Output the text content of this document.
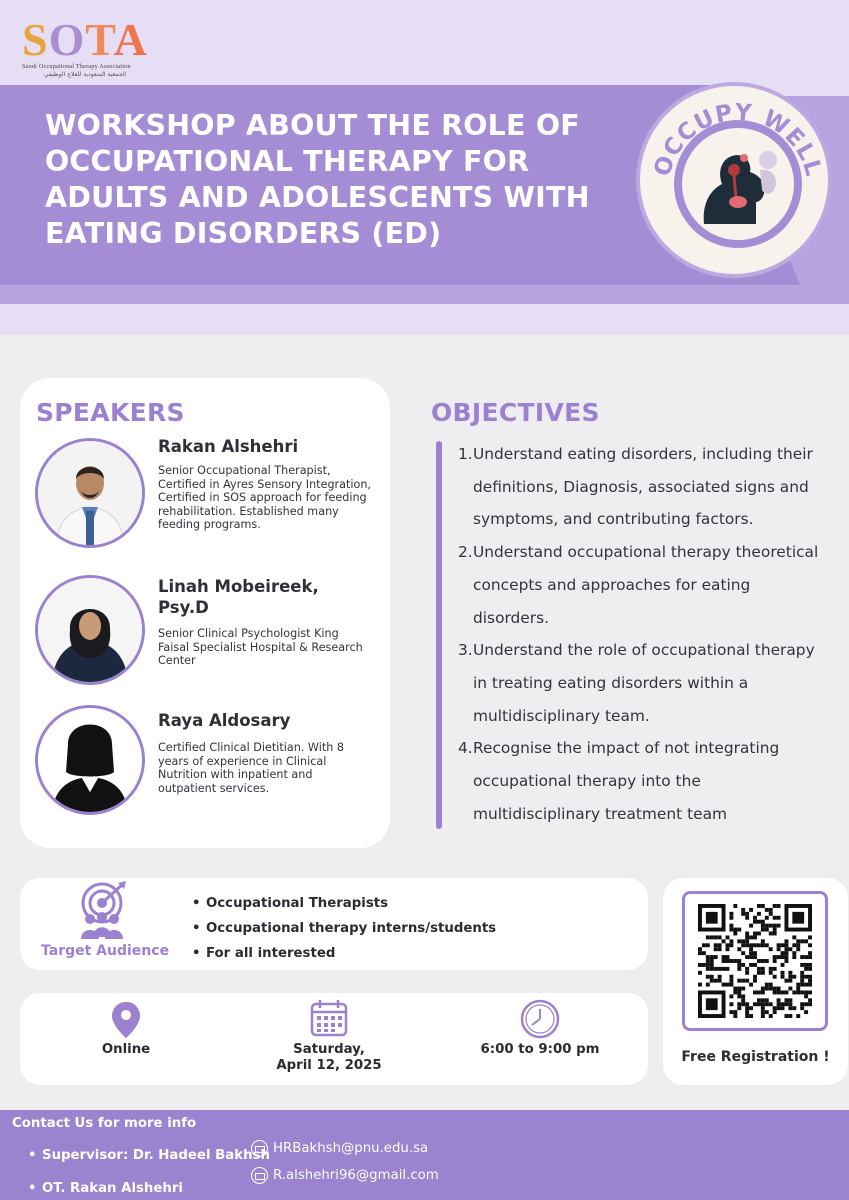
SOTA
Saudi Occupational Therapy Association
الجمعية السعودية للعلاج الوظيفي
WORKSHOP ABOUT THE ROLE OF OCCUPATIONAL THERAPY FOR ADULTS AND ADOLESCENTS WITH EATING DISORDERS (ED)
OCCUPY WELL
SPEAKERS
Rakan Alshehri
Senior Occupational Therapist, Certified in Ayres Sensory Integration, Certified in SOS approach for feeding rehabilitation. Established many feeding programs.
Linah Mobeireek, Psy.D
Senior Clinical Psychologist King Faisal Specialist Hospital & Research Center
Raya Aldosary
Certified Clinical Dietitian. With 8 years of experience in Clinical Nutrition with inpatient and outpatient services.
OBJECTIVES
1.Understand eating disorders, including their definitions, Diagnosis, associated signs and symptoms, and contributing factors.
2.Understand occupational therapy theoretical concepts and approaches for eating disorders.
3.Understand the role of occupational therapy in treating eating disorders within a multidisciplinary team.
4.Recognise the impact of not integrating occupational therapy into the multidisciplinary treatment team
Target Audience
• Occupational Therapists
• Occupational therapy interns/students
• For all interested
Online	Saturday,
April 12, 2025
6:00 to 9:00 pm	Free Registration !
Contact Us for more info
• Supervisor: Dr. Hadeel Bakhsh
• OT. Rakan Alshehri
HRBakhsh@pnu.edu.sa
R.alshehri96@gmail.com
